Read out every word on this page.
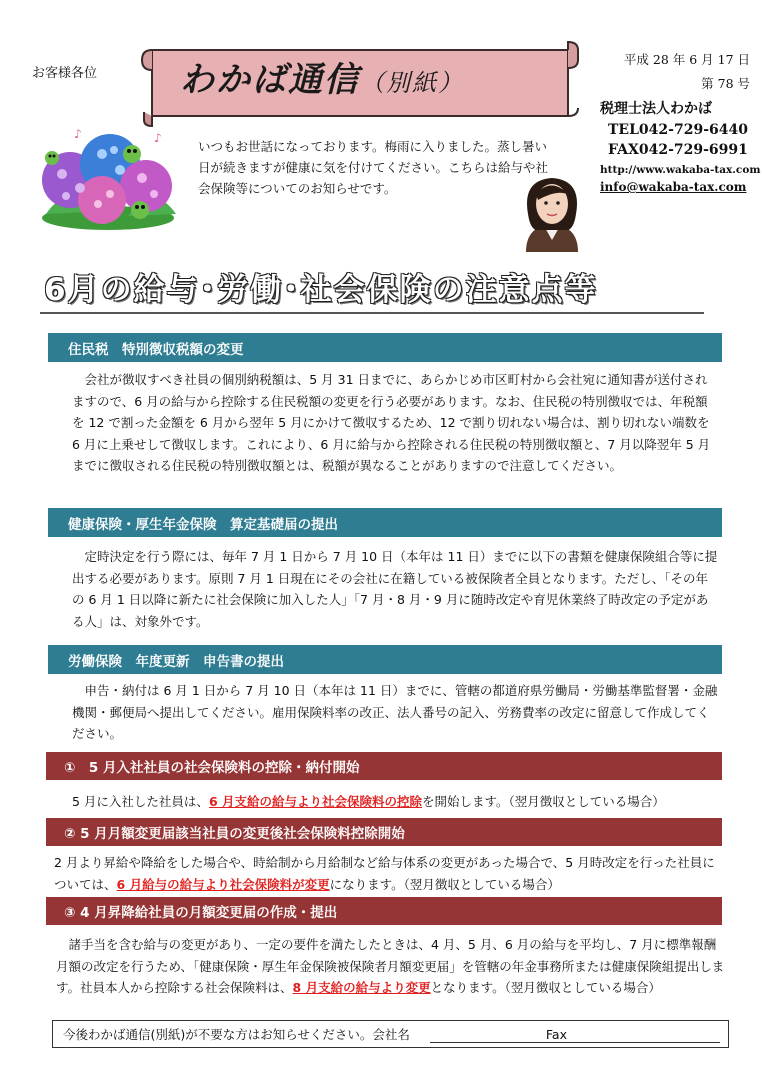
お客様各位 わかば通信（別紙）
平成 28 年 6 月 17 日
第 78 号
税理士法人わかば
TEL042-729-6440
FAX042-729-6991
http://www.wakaba-tax.com
info@wakaba-tax.com
♪	♪
いつもお世話になっております。梅雨に入りました。蒸し暑い日が続きますが健康に気を付けてください。こちらは給与や社会保険等についてのお知らせです。
6月の給与･労働･社会保険の注意点等
住民税　特別徴収税額の変更
　会社が徴収すべき社員の個別納税額は、5 月 31 日までに、あらかじめ市区町村から会社宛に通知書が送付されますので、6 月の給与から控除する住民税額の変更を行う必要があります。なお、住民税の特別徴収では、年税額を 12 で割った金額を 6 月から翌年 5 月にかけて徴収するため、12 で割り切れない場合は、割り切れない端数を 6 月に上乗せして徴収します。これにより、6 月に給与から控除される住民税の特別徴収額と、7 月以降翌年 5 月までに徴収される住民税の特別徴収額とは、税額が異なることがありますので注意してください。
健康保険・厚生年金保険　算定基礎届の提出
　定時決定を行う際には、毎年 7 月 1 日から 7 月 10 日（本年は 11 日）までに以下の書類を健康保険組合等に提出する必要があります。原則 7 月 1 日現在にその会社に在籍している被保険者全員となります。ただし、「その年の 6 月 1 日以降に新たに社会保険に加入した人」「7 月・8 月・9 月に随時改定や育児休業終了時改定の予定がある人」は、対象外です。
労働保険　年度更新　申告書の提出
　申告・納付は 6 月 1 日から 7 月 10 日（本年は 11 日）までに、管轄の都道府県労働局・労働基準監督署・金融機関・郵便局へ提出してください。雇用保険料率の改正、法人番号の記入、労務費率の改定に留意して作成してください。
①　5 月入社社員の社会保険料の控除・納付開始
5 月に入社した社員は、6 月支給の給与より社会保険料の控除を開始します。（翌月徴収としている場合）
② 5 月月額変更届該当社員の変更後社会保険料控除開始
2 月より昇給や降給をした場合や、時給制から月給制など給与体系の変更があった場合で、5 月時改定を行った社員については、6 月給与の給与より社会保険料が変更になります。（翌月徴収としている場合）
③ 4 月昇降給社員の月額変更届の作成・提出
　諸手当を含む給与の変更があり、一定の要件を満たしたときは、4 月、5 月、6 月の給与を平均し、7 月に標準報酬月額の改定を行うため、「健康保険・厚生年金保険被保険者月額変更届」を管轄の年金事務所または健康保険組提出します。社員本人から控除する社会保険料は、8 月支給の給与より変更となります。（翌月徴収としている場合）
今後わかば通信(別紙)が不要な方はお知らせください。会社名	Fax
